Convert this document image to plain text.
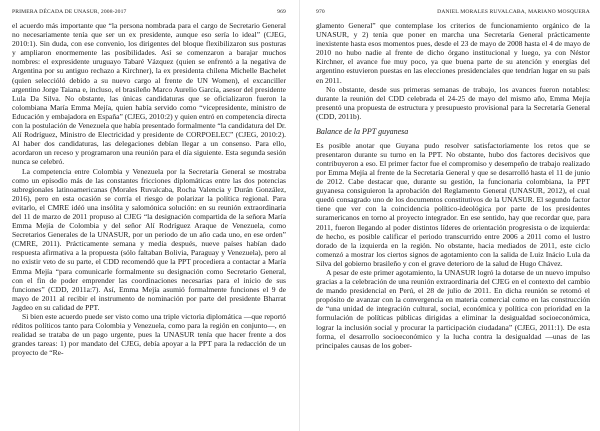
PRIMERA DÉCADA DE UNASUR, 2008-2017	969

el acuerdo más importante que “la persona nombrada para el cargo de Secretario General no necesariamente tenía que ser un ex presidente, aunque eso sería lo ideal” (CJEG, 2010:1). Sin duda, con ese convenio, los dirigentes del bloque flexibilizaron sus posturas y ampliaron enormemente las posibilidades. Así se comenzaron a barajar muchos nombres: el expresidente uruguayo Tabaré Vázquez (quien se enfrentó a la negativa de Argentina por su antiguo rechazo a Kirchner), la ex presidenta chilena Michelle Bachelet (quien seleccióló debido a su nuevo cargo al frente de UN Women), el excanciller argentino Jorge Taiana e, incluso, el brasileño Marco Aurelio García, asesor del presidente Lula Da Silva. No obstante, las únicas candidaturas que se oficializaron fueron la colombiana María Emma Mejía, quien había servido como “vicepresidente, ministro de Educación y embajadora en España” (CJEG, 2010:2) y quien entró en competencia directa con la postulación de Venezuela que había presentado formalmente “la candidatura del Dr. Alí Rodríguez, Ministro de Electricidad y presidente de CORPOELEC” (CJEG, 2010:2). Al haber dos candidaturas, las delegaciones debían llegar a un consenso. Para ello, acordaron un receso y programaron una reunión para el día siguiente. Esta segunda sesión nunca se celebró.

La competencia entre Colombia y Venezuela por la Secretaría General se mostraba como un episodio más de las constantes fricciones diplomáticas entre las dos potencias subregionales latinoamericanas (Morales Ruvalcaba, Rocha Valencia y Durán González, 2016), pero en esta ocasión se corría el riesgo de polarizar la política regional. Para evitarlo, el CMRE idéó una insólita y salomónica solución: en su reunión extraordinaria del 11 de marzo de 2011 propuso al CJEG “la designación compartida de la señora María Emma Mejía de Colombia y del señor Alí Rodríguez Araque de Venezuela, como Secretarios Generales de la UNASUR, por un periodo de un año cada uno, en ese orden” (CMRE, 2011). Prácticamente semana y media después, nueve países habían dado respuesta afirmativa a la propuesta (sólo faltaban Bolivia, Paraguay y Venezuela), pero al no existir veto de su parte, el CDD recomendó que la PPT procediera a contactar a María Emma Mejía “para comunicarle formalmente su designación como Secretario General, con el fin de poder emprender las coordinaciones necesarias para el inicio de sus funciones” (CDD, 2011a:7). Así, Emma Mejía asumió formalmente funciones el 9 de mayo de 2011 al recibir el instrumento de nominación por parte del presidente Bharrat Jagdeo en su calidad de PPT.

Si bien este acuerdo puede ser visto como una triple victoria diplomática —que reportó réditos políticos tanto para Colombia y Venezuela, como para la región en conjunto—, en realidad se trataba de un pago urgente, pues la UNASUR tenía que hacer frente a dos grandes tareas: 1) por mandato del CJEG, debía apoyar a la PPT para la redacción de un proyecto de “Re-

970	DANIEL MORALES RUVALCABA, MARIANO MOSQUERA

glamento General” que contemplase los criterios de funcionamiento orgánico de la UNASUR, y 2) tenía que poner en marcha una Secretaría General prácticamente inexistente hasta esos momentos pues, desde el 23 de mayo de 2008 hasta el 4 de mayo de 2010 no hubo nadie al frente de dicho órgano institucional y luego, ya con Néstor Kirchner, el avance fue muy poco, ya que buena parte de su atención y energías del argentino estuvieron puestas en las elecciones presidenciales que tendrían lugar en su país en 2011.

No obstante, desde sus primeras semanas de trabajo, los avances fueron notables: durante la reunión del CDD celebrada el 24-25 de mayo del mismo año, Emma Mejía presentó una propuesta de estructura y presupuesto provisional para la Secretaría General (CDD, 2011b).

Balance de la PPT guyanesa

Es posible anotar que Guyana pudo resolver satisfactoriamente los retos que se presentaron durante su turno en la PPT. No obstante, hubo dos factores decisivos que contribuyeron a eso. El primer factor fue el compromiso y desempeño de trabajo realizado por Emma Mejía al frente de la Secretaría General y que se desarrolló hasta el 11 de junio de 2012. Cabe destacar que, durante su gestión, la funcionaria colombiana, la PPT guyanesa consiguieron la aprobación del Reglamento General (UNASUR, 2012), el cual quedó consagrado uno de los documentos constitutivos de la UNASUR. El segundo factor tiene que ver con la coincidencia político-ideológica por parte de los presidentes suramericanos en torno al proyecto integrador. En ese sentido, hay que recordar que, para 2011, fueron llegando al poder distintos líderes de orientación progresista o de izquierda: de hecho, es posible calificar el periodo transcurrido entre 2006 a 2011 como el lustro dorado de la izquierda en la región. No obstante, hacia mediados de 2011, este ciclo comenzó a mostrar los ciertos signos de agotamiento con la salida de Luiz Inácio Lula da Silva del gobierno brasileño y con el grave deterioro de la salud de Hugo Chávez.

A pesar de este primer agotamiento, la UNASUR logró la dotarse de un nuevo impulso gracias a la celebración de una reunión extraordinaria del CJEG en el contexto del cambio de mando presidencial en Perú, el 28 de julio de 2011. En dicha reunión se retomó el propósito de avanzar con la convergencia en materia comercial como en las construcción de “una unidad de integración cultural, social, económica y política con prioridad en la formulación de políticas públicas dirigidas a eliminar la desigualdad socioeconómica, lograr la inclusión social y procurar la participación ciudadana” (CJEG, 2011:1). De esta forma, el desarrollo socioeconómico y la lucha contra la desigualdad —unas de las principales causas de los gober-
